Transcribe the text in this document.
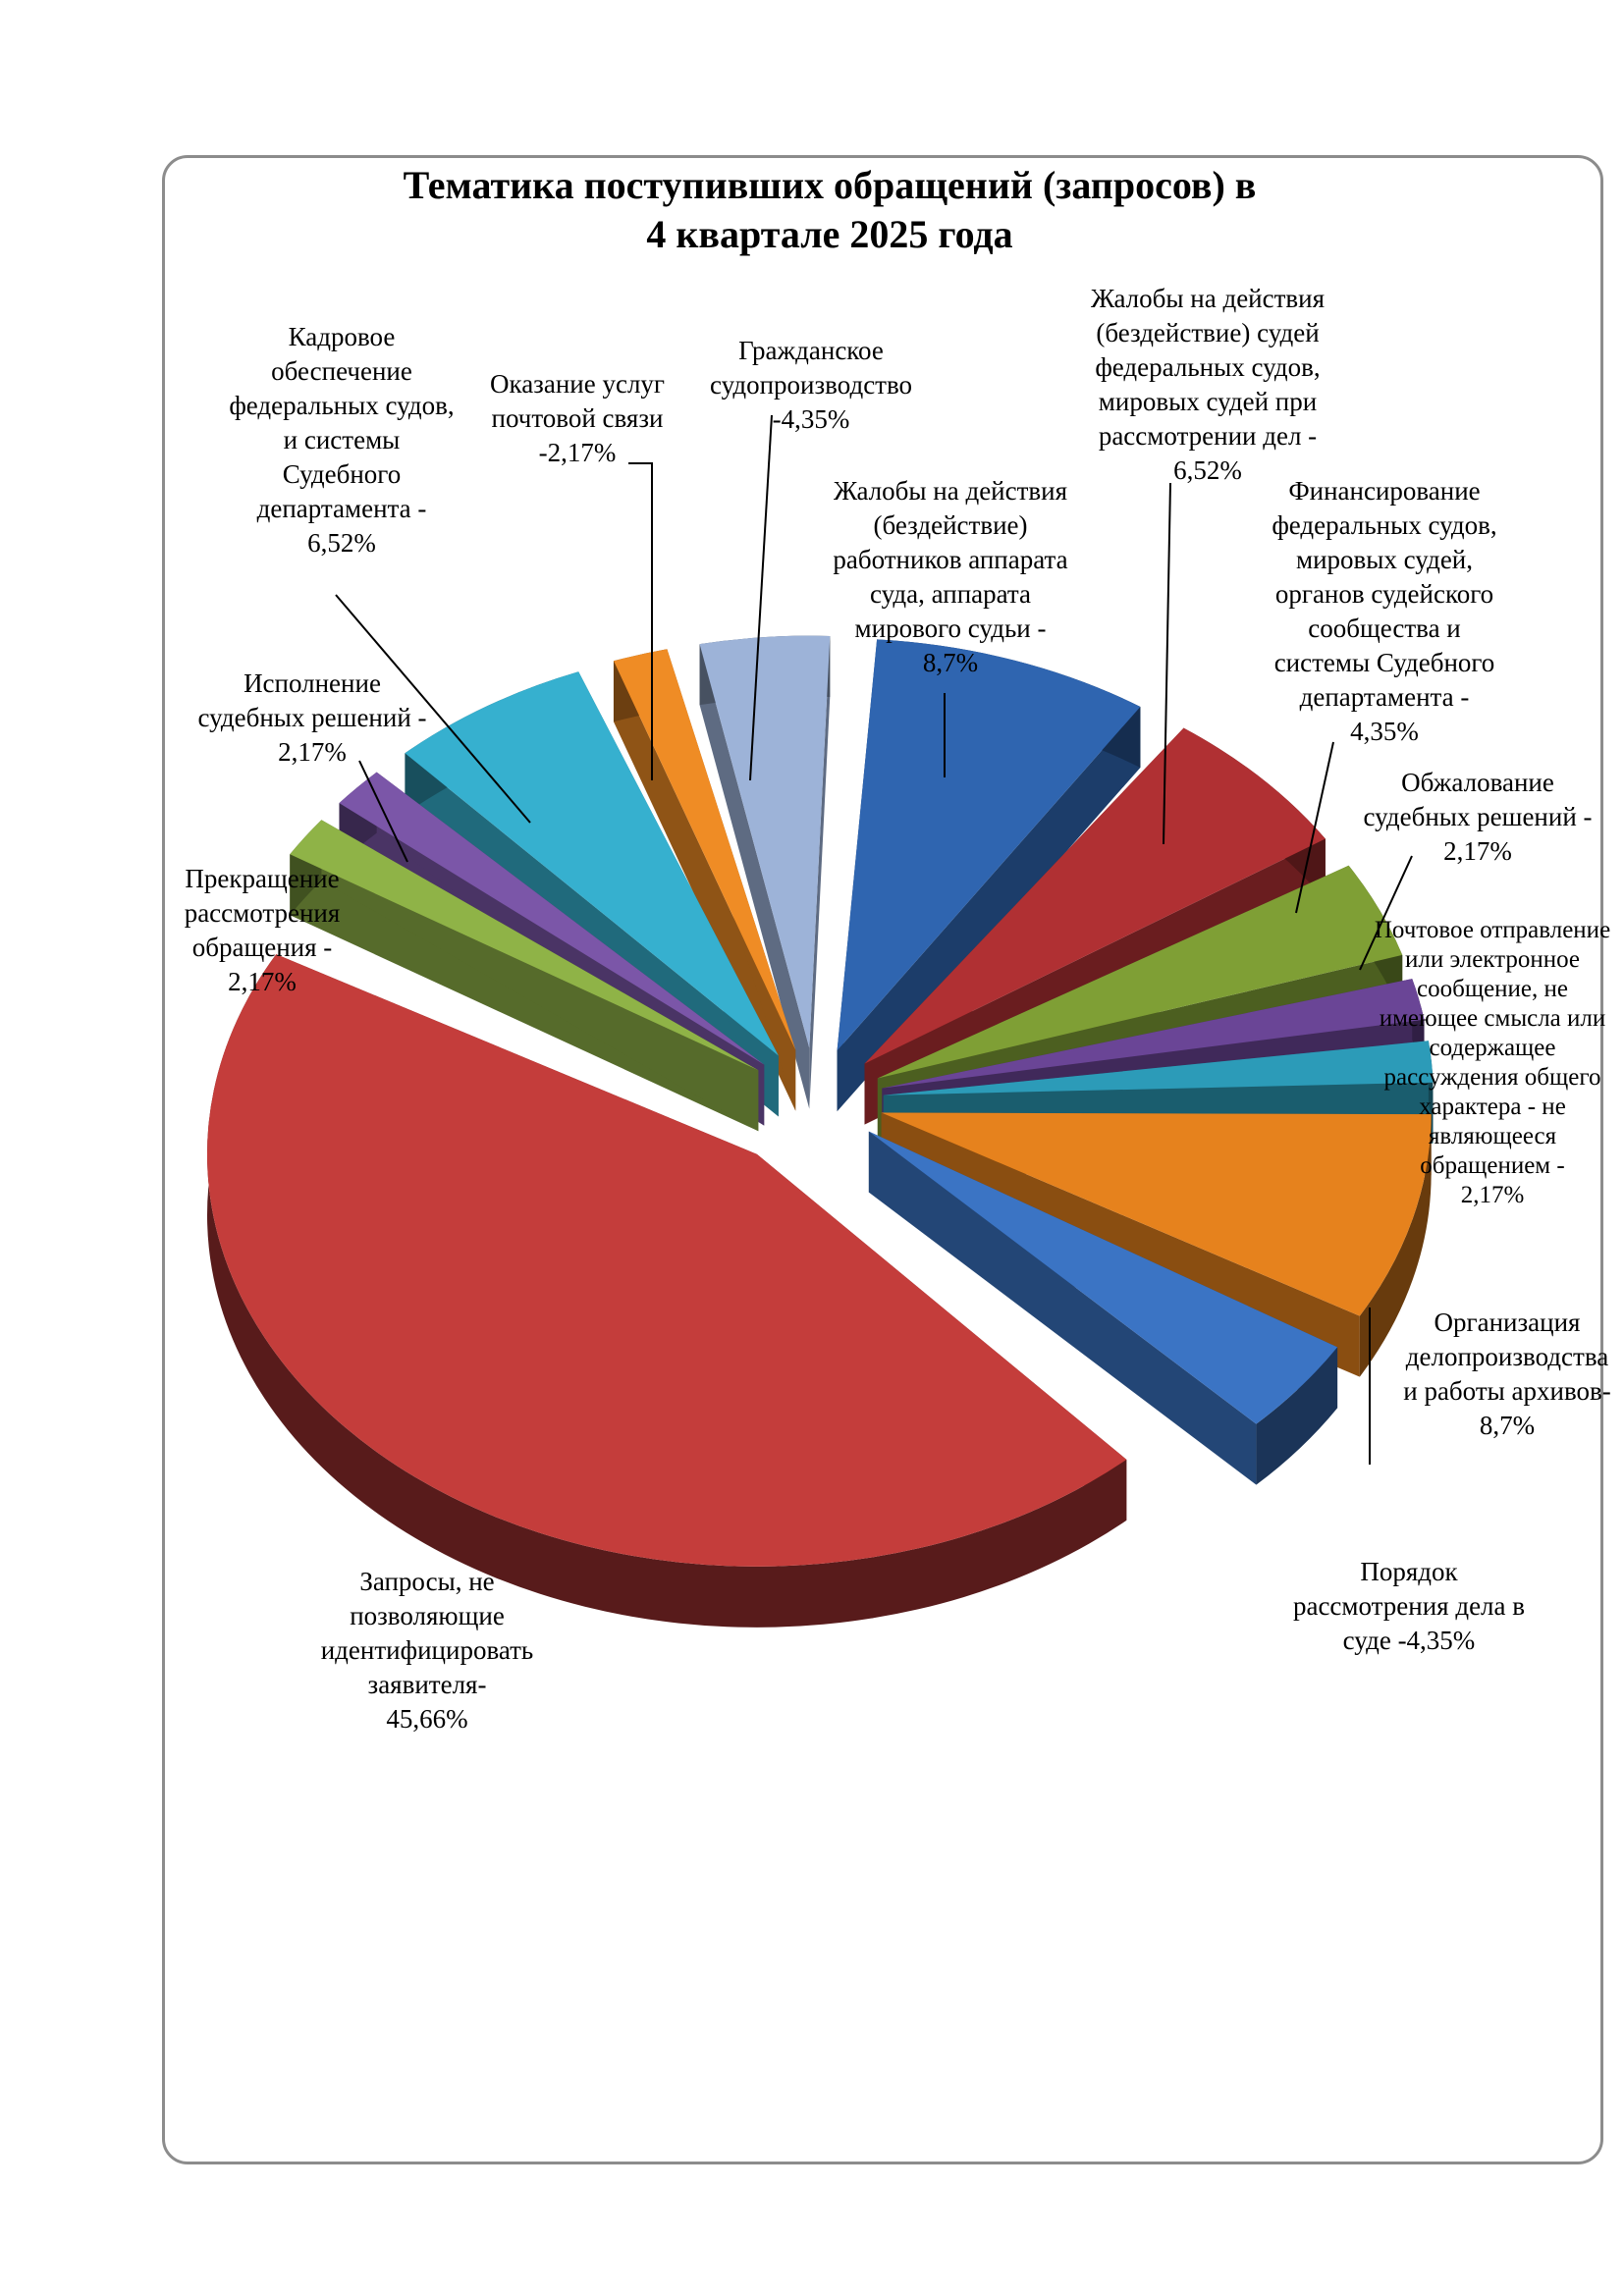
Тематика поступивших обращений (запросов) в 4 квартале 2025 года
Жалобы на действия (бездействие) работников аппарата суда, аппарата мирового судьи -8,7%
Жалобы на действия (бездействие) судей федеральных судов, мировых судей при рассмотрении дел -6,52%
Финансирование федеральных судов, мировых судей, органов судейского сообщества и системы Судебного департамента -4,35%
Обжалование судебных решений -2,17%
Почтовое отправление или электронное сообщение, не имеющее смысла или содержащее рассуждения общего характера - не являющееся обращением -2,17%
Организация делопроизводства и работы архивов-8,7%
Порядок рассмотрения дела в суде -4,35%
Запросы, не позволяющие идентифицировать заявителя-45,66%
Прекращение рассмотрения обращения -2,17%
Исполнение судебных решений -2,17%
Кадровое обеспечение федеральных судов, и системы Судебного департамента -6,52%
Оказание услуг почтовой связи -2,17%
Гражданское судопроизводство -4,35%
